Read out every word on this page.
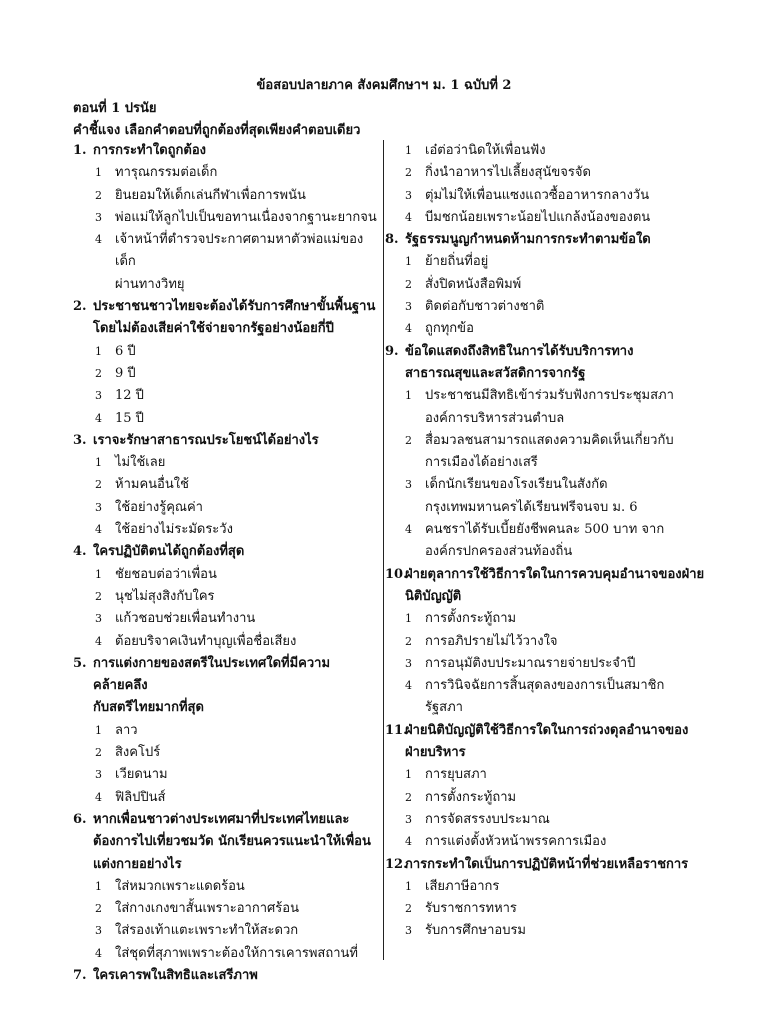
ข้อสอบปลายภาค สังคมศึกษาฯ ม. 1 ฉบับที่ 2
ตอนที่ 1 ปรนัย
คำชี้แจง เลือกคำตอบที่ถูกต้องที่สุดเพียงคำตอบเดียว
1. การกระทำใดถูกต้อง
1	ทารุณกรรมต่อเด็ก
2	ยินยอมให้เด็กเล่นกีฬาเพื่อการพนัน
3	พ่อแม่ให้ลูกไปเป็นขอทานเนื่องจากฐานะยากจน
4	เจ้าหน้าที่ตำรวจประกาศตามหาตัวพ่อแม่ของเด็ก
ผ่านทางวิทยุ
2. ประชาชนชาวไทยจะต้องได้รับการศึกษาขั้นพื้นฐาน
โดยไม่ต้องเสียค่าใช้จ่ายจากรัฐอย่างน้อยกี่ปี
1	6 ปี
2	9 ปี
3	12 ปี
4	15 ปี
3. เราจะรักษาสาธารณประโยชน์ได้อย่างไร
1	ไม่ใช้เลย
2	ห้ามคนอื่นใช้
3	ใช้อย่างรู้คุณค่า
4	ใช้อย่างไม่ระมัดระวัง
4. ใครปฏิบัติตนได้ถูกต้องที่สุด
1	ชัยชอบต่อว่าเพื่อน
2	นุชไม่สุงสิงกับใคร
3	แก้วชอบช่วยเพื่อนทำงาน
4	ต้อยบริจาคเงินทำบุญเพื่อชื่อเสียง
5. การแต่งกายของสตรีในประเทศใดที่มีความคล้ายคลึง
กับสตรีไทยมากที่สุด
1	ลาว
2	สิงคโปร์
3	เวียดนาม
4	ฟิลิปปินส์
6. หากเพื่อนชาวต่างประเทศมาที่ประเทศไทยและ
ต้องการไปเที่ยวชมวัด นักเรียนควรแนะนำให้เพื่อน
แต่งกายอย่างไร
1	ใส่หมวกเพราะแดดร้อน
2	ใส่กางเกงขาสั้นเพราะอากาศร้อน
3	ใส่รองเท้าแตะเพราะทำให้สะดวก
4	ใส่ชุดที่สุภาพเพราะต้องให้การเคารพสถานที่
7. ใครเคารพในสิทธิและเสรีภาพ
1	เอ๋ต่อว่านิดให้เพื่อนฟัง
2	กิ่งนำอาหารไปเลี้ยงสุนัขจรจัด
3	ตุ่มไม่ให้เพื่อนแซงแถวซื้ออาหารกลางวัน
4	บีมชกน้อยเพราะน้อยไปแกล้งน้องของตน
8. รัฐธรรมนูญกำหนดห้ามการกระทำตามข้อใด
1	ย้ายถิ่นที่อยู่
2	สั่งปิดหนังสือพิมพ์
3	ติดต่อกับชาวต่างชาติ
4	ถูกทุกข้อ
9. ข้อใดแสดงถึงสิทธิในการได้รับบริการทาง
สาธารณสุขและสวัสดิการจากรัฐ
1	ประชาชนมีสิทธิเข้าร่วมรับฟังการประชุมสภา
องค์การบริหารส่วนตำบล
2	สื่อมวลชนสามารถแสดงความคิดเห็นเกี่ยวกับ
การเมืองได้อย่างเสรี
3	เด็กนักเรียนของโรงเรียนในสังกัด
กรุงเทพมหานครได้เรียนฟรีจนจบ ม. 6
4	คนชราได้รับเบี้ยยังชีพคนละ 500 บาท จาก
องค์กรปกครองส่วนท้องถิ่น
10.
ฝ่ายตุลาการใช้วิธีการใดในการควบคุมอำนาจของฝ่าย
นิติบัญญัติ
1	การตั้งกระทู้ถาม
2	การอภิปรายไม่ไว้วางใจ
3	การอนุมัติงบประมาณรายจ่ายประจำปี
4	การวินิจฉัยการสิ้นสุดลงของการเป็นสมาชิก
รัฐสภา
11.
ฝ่ายนิติบัญญัติใช้วิธีการใดในการถ่วงดุลอำนาจของ
ฝ่ายบริหาร
1	การยุบสภา
2	การตั้งกระทู้ถาม
3	การจัดสรรงบประมาณ
4	การแต่งตั้งหัวหน้าพรรคการเมือง
12.
การกระทำใดเป็นการปฏิบัติหน้าที่ช่วยเหลือราชการ
1	เสียภาษีอากร
2	รับราชการทหาร
3	รับการศึกษาอบรม
